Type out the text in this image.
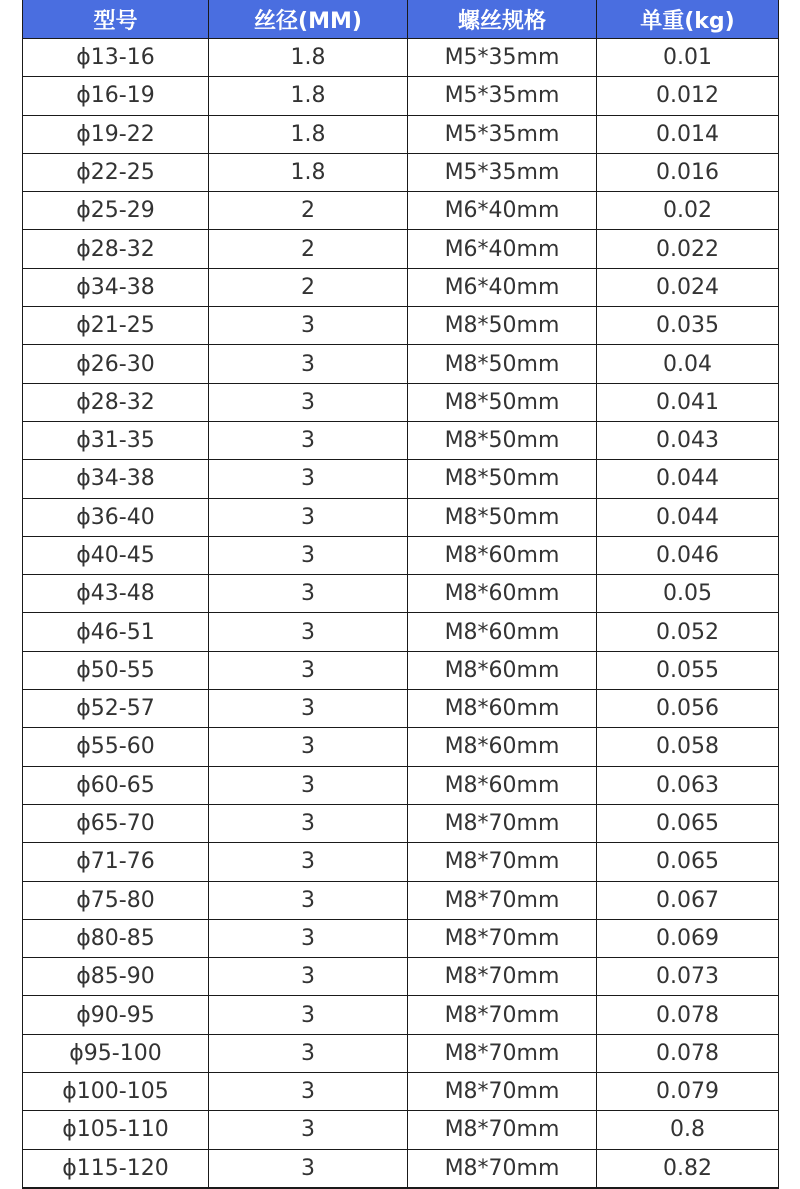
型号	丝径(MM)	螺丝规格	单重(kg)
ϕ13-16	1.8	M5*35mm	0.01
ϕ16-19	1.8	M5*35mm	0.012
ϕ19-22	1.8	M5*35mm	0.014
ϕ22-25	1.8	M5*35mm	0.016
ϕ25-29	2	M6*40mm	0.02
ϕ28-32	2	M6*40mm	0.022
ϕ34-38	2	M6*40mm	0.024
ϕ21-25	3	M8*50mm	0.035
ϕ26-30	3	M8*50mm	0.04
ϕ28-32	3	M8*50mm	0.041
ϕ31-35	3	M8*50mm	0.043
ϕ34-38	3	M8*50mm	0.044
ϕ36-40	3	M8*50mm	0.044
ϕ40-45	3	M8*60mm	0.046
ϕ43-48	3	M8*60mm	0.05
ϕ46-51	3	M8*60mm	0.052
ϕ50-55	3	M8*60mm	0.055
ϕ52-57	3	M8*60mm	0.056
ϕ55-60	3	M8*60mm	0.058
ϕ60-65	3	M8*60mm	0.063
ϕ65-70	3	M8*70mm	0.065
ϕ71-76	3	M8*70mm	0.065
ϕ75-80	3	M8*70mm	0.067
ϕ80-85	3	M8*70mm	0.069
ϕ85-90	3	M8*70mm	0.073
ϕ90-95	3	M8*70mm	0.078
ϕ95-100	3	M8*70mm	0.078
ϕ100-105	3	M8*70mm	0.079
ϕ105-110	3	M8*70mm	0.8
ϕ115-120	3	M8*70mm	0.82
